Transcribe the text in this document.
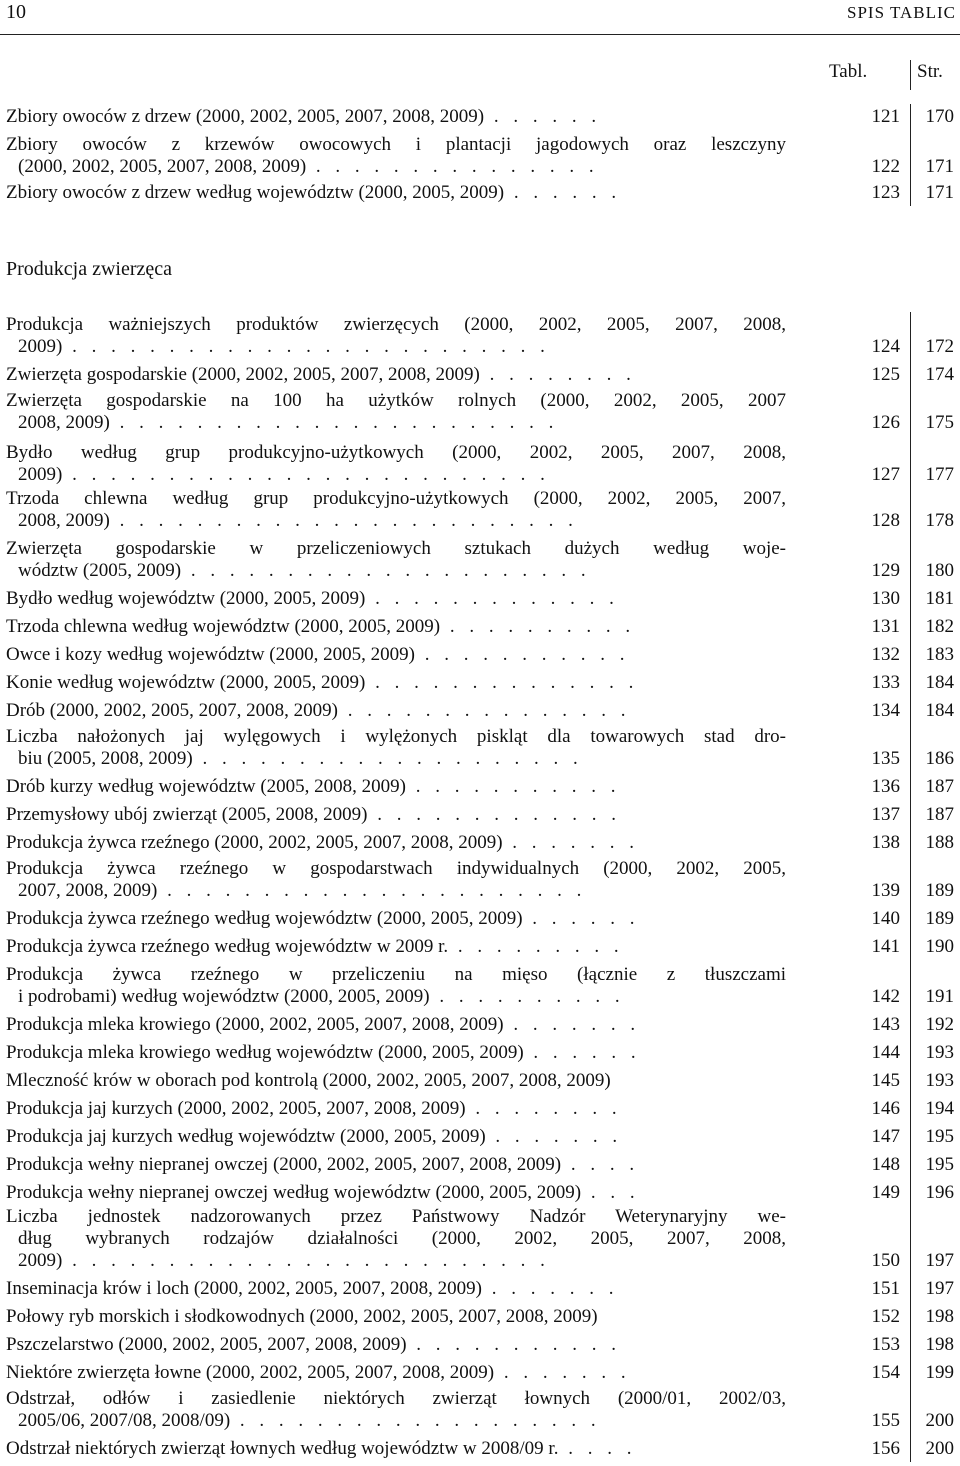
10	SPIS TABLIC
Tabl.	Str.
Produkcja zwierzęca
Zbiory owoców z drzew (2000, 2002, 2005, 2007, 2008, 2009) . . . . . .	121	170
Zbiory owoców z krzewów owocowych i plantacji jagodowych oraz leszczyny
(2000, 2002, 2005, 2007, 2008, 2009) . . . . . . . . . . . . . . .	122	171
Zbiory owoców z drzew według województw (2000, 2005, 2009) . . . . . .	123	171
Produkcja ważniejszych produktów zwierzęcych (2000, 2002, 2005, 2007, 2008,
2009) . . . . . . . . . . . . . . . . . . . . . . . . .	124	172
Zwierzęta gospodarskie (2000, 2002, 2005, 2007, 2008, 2009) . . . . . . . .	125	174
Zwierzęta gospodarskie na 100 ha użytków rolnych (2000, 2002, 2005, 2007
2008, 2009) . . . . . . . . . . . . . . . . . . . . . . .	126	175
Bydło według grup produkcyjno-użytkowych (2000, 2002, 2005, 2007, 2008,
2009) . . . . . . . . . . . . . . . . . . . . . . . . .	127	177
Trzoda chlewna według grup produkcyjno-użytkowych (2000, 2002, 2005, 2007,
2008, 2009) . . . . . . . . . . . . . . . . . . . . . . . .	128	178
Zwierzęta gospodarskie w przeliczeniowych sztukach dużych według woje-
wództw (2005, 2009) . . . . . . . . . . . . . . . . . . . . .	129	180
Bydło według województw (2000, 2005, 2009) . . . . . . . . . . . . .	130	181
Trzoda chlewna według województw (2000, 2005, 2009) . . . . . . . . . .	131	182
Owce i kozy według województw (2000, 2005, 2009) . . . . . . . . . . .	132	183
Konie według województw (2000, 2005, 2009) . . . . . . . . . . . . . .	133	184
Drób (2000, 2002, 2005, 2007, 2008, 2009) . . . . . . . . . . . . . . .	134	184
Liczba nałożonych jaj wylęgowych i wylężonych piskląt dla towarowych stad dro-
biu (2005, 2008, 2009) . . . . . . . . . . . . . . . . . . . .	135	186
Drób kurzy według województw (2005, 2008, 2009) . . . . . . . . . . .	136	187
Przemysłowy ubój zwierząt (2005, 2008, 2009) . . . . . . . . . . . . .	137	187
Produkcja żywca rzeźnego (2000, 2002, 2005, 2007, 2008, 2009) . . . . . . .	138	188
Produkcja żywca rzeźnego w gospodarstwach indywidualnych (2000, 2002, 2005,
2007, 2008, 2009) . . . . . . . . . . . . . . . . . . . . . .	139	189
Produkcja żywca rzeźnego według województw (2000, 2005, 2009) . . . . . .	140	189
Produkcja żywca rzeźnego według województw w 2009 r. . . . . . . . . .	141	190
Produkcja żywca rzeźnego w przeliczeniu na mięso (łącznie z tłuszczami
i podrobami) według województw (2000, 2005, 2009) . . . . . . . . . .	142	191
Produkcja mleka krowiego (2000, 2002, 2005, 2007, 2008, 2009) . . . . . . .	143	192
Produkcja mleka krowiego według województw (2000, 2005, 2009) . . . . . .	144	193
Mleczność krów w oborach pod kontrolą (2000, 2002, 2005, 2007, 2008, 2009)	145	193
Produkcja jaj kurzych (2000, 2002, 2005, 2007, 2008, 2009) . . . . . . . .	146	194
Produkcja jaj kurzych według województw (2000, 2005, 2009) . . . . . . .	147	195
Produkcja wełny niepranej owczej (2000, 2002, 2005, 2007, 2008, 2009) . . . .	148	195
Produkcja wełny niepranej owczej według województw (2000, 2005, 2009) . . .	149	196
Liczba jednostek nadzorowanych przez Państwowy Nadzór Weterynaryjny we-
dług wybranych rodzajów działalności (2000, 2002, 2005, 2007, 2008,
2009) . . . . . . . . . . . . . . . . . . . . . . . . .	150	197
Inseminacja krów i loch (2000, 2002, 2005, 2007, 2008, 2009) . . . . . . .	151	197
Połowy ryb morskich i słodkowodnych (2000, 2002, 2005, 2007, 2008, 2009)	152	198
Pszczelarstwo (2000, 2002, 2005, 2007, 2008, 2009) . . . . . . . . . . .	153	198
Niektóre zwierzęta łowne (2000, 2002, 2005, 2007, 2008, 2009) . . . . . . .	154	199
Odstrzał, odłów i zasiedlenie niektórych zwierząt łownych (2000/01, 2002/03,
2005/06, 2007/08, 2008/09) . . . . . . . . . . . . . . . . . . .	155	200
Odstrzał niektórych zwierząt łownych według województw w 2008/09 r. . . . .	156	200
